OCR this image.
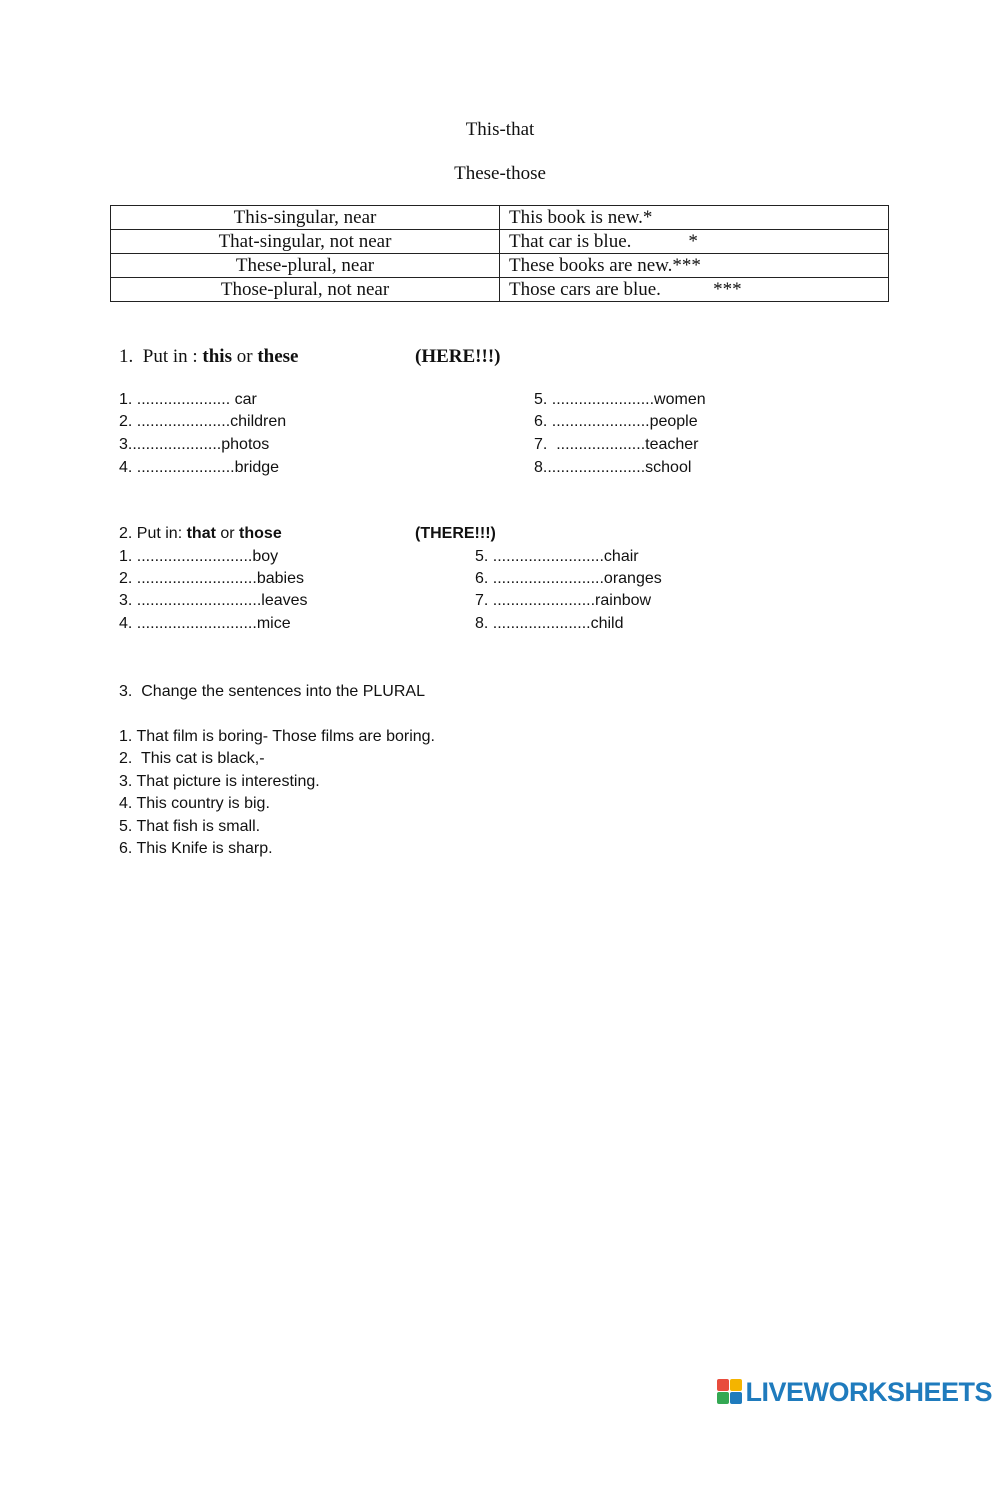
This-that
These-those
This-singular, near	This book is new.*
That-singular, not near	That car is blue.            *
These-plural, near	These books are new.***
Those-plural, not near	Those cars are blue.           ***
1. Put in : this or these	(HERE!!!)
1. ..................... car
2. .....................children
3.....................photos
4. ......................bridge
5. .......................women
6. ......................people
7.  ....................teacher
8.......................school
2. Put in: that or those	(THERE!!!)
1. ..........................boy
2. ...........................babies
3. ............................leaves
4. ...........................mice
5. .........................chair
6. .........................oranges
7. .......................rainbow
8. ......................child
3.  Change the sentences into the PLURAL
1. That film is boring- Those films are boring.
2.  This cat is black,-
3. That picture is interesting.
4. This country is big.
5. That fish is small.
6. This Knife is sharp.

LIVEWORKSHEETS
